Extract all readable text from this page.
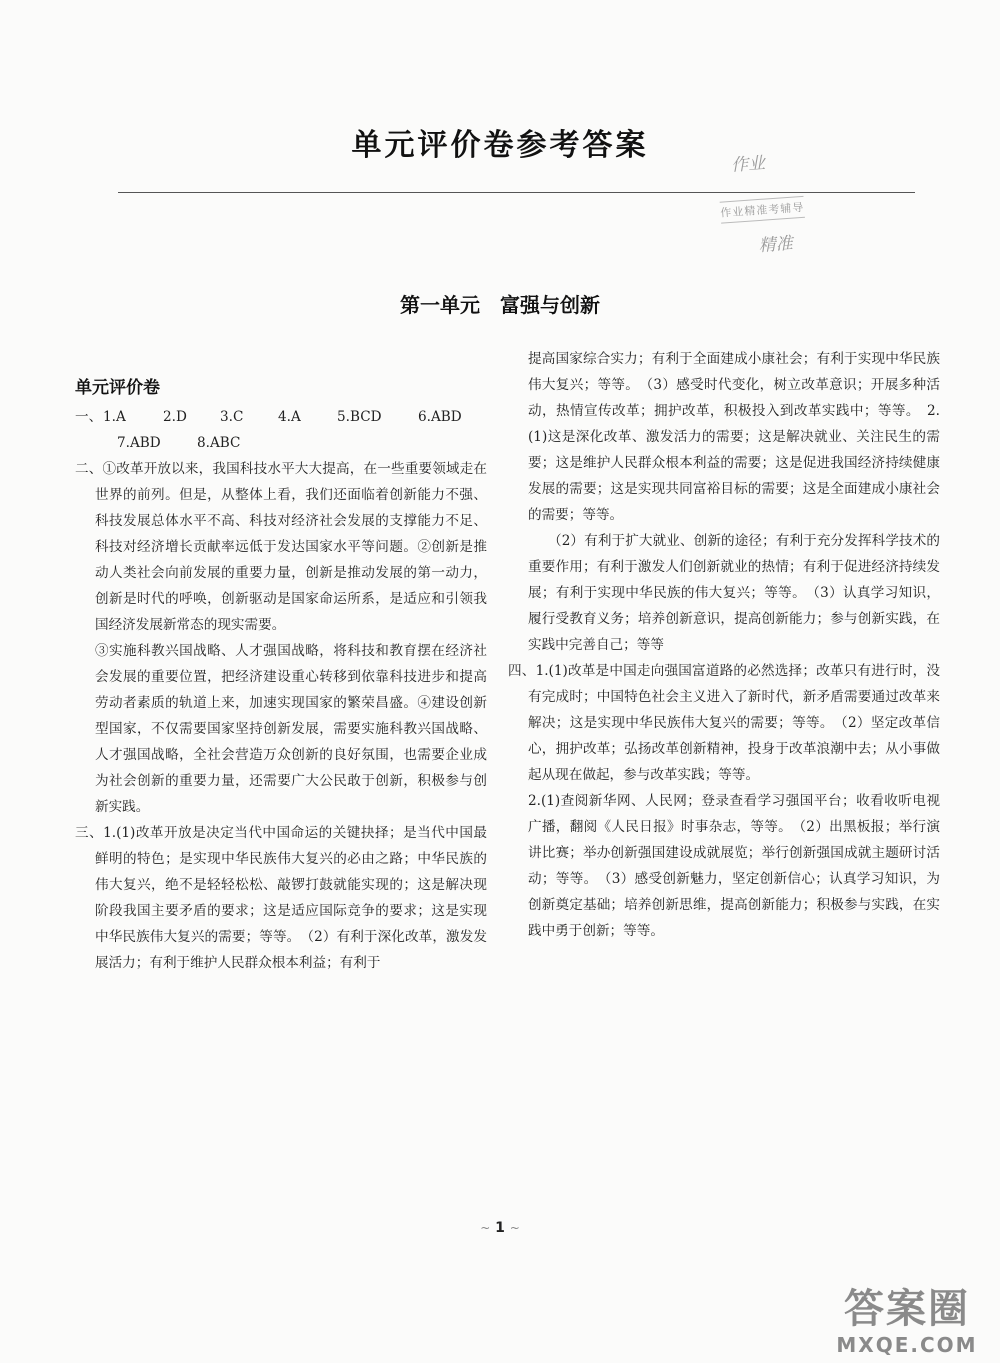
单元评价卷参考答案
作业
作业精准考辅导
精准
第一单元　富强与创新
单元评价卷
一、 1.A	2.D 3.C	4.A	5.BCD	6.ABD
7.ABD	8.ABC

二、①改革开放以来，我国科技水平大大提高，在一些重要领域走在世界的前列。但是，从整体上看，我们还面临着创新能力不强、科技发展总体水平不高、科技对经济社会发展的支撑能力不足、科技对经济增长贡献率远低于发达国家水平等问题。②创新是推动人类社会向前发展的重要力量，创新是推动发展的第一动力，创新是时代的呼唤，创新驱动是国家命运所系，是适应和引领我国经济发展新常态的现实需要。

③实施科教兴国战略、人才强国战略，将科技和教育摆在经济社会发展的重要位置，把经济建设重心转移到依靠科技进步和提高劳动者素质的轨道上来，加速实现国家的繁荣昌盛。④建设创新型国家，不仅需要国家坚持创新发展，需要实施科教兴国战略、人才强国战略，全社会营造万众创新的良好氛围，也需要企业成为社会创新的重要力量，还需要广大公民敢于创新，积极参与创新实践。

三、1.(1)改革开放是决定当代中国命运的关键抉择；是当代中国最鲜明的特色；是实现中华民族伟大复兴的必由之路；中华民族的伟大复兴，绝不是轻轻松松、敲锣打鼓就能实现的；这是解决现阶段我国主要矛盾的要求；这是适应国际竞争的要求；这是实现中华民族伟大复兴的需要；等等。　（2）有利于深化改革，激发发展活力；有利于维护人民群众根本利益；有利于

提高国家综合实力；有利于全面建成小康社会；有利于实现中华民族伟大复兴；等等。　（3）感受时代变化，树立改革意识；开展多种活动，热情宣传改革；拥护改革，积极投入到改革实践中；等等。　2.(1)这是深化改革、激发活力的需要；这是解决就业、关注民生的需要；这是维护人民群众根本利益的需要；这是促进我国经济持续健康发展的需要；这是实现共同富裕目标的需要；这是全面建成小康社会的需要；等等。

（2）有利于扩大就业、创新的途径；有利于充分发挥科学技术的重要作用；有利于激发人们创新就业的热情；有利于促进经济持续发展；有利于实现中华民族的伟大复兴；等等。　（3）认真学习知识，履行受教育义务；培养创新意识，提高创新能力；参与创新实践，在实践中完善自己；等等

四、1.(1)改革是中国走向强国富道路的必然选择；改革只有进行时，没有完成时；中国特色社会主义进入了新时代，新矛盾需要通过改革来解决；这是实现中华民族伟大复兴的需要；等等。　（2）坚定改革信心，拥护改革；弘扬改革创新精神，投身于改革浪潮中去；从小事做起从现在做起，参与改革实践；等等。

2.(1)查阅新华网、人民网；登录查看学习强国平台；收看收听电视广播，翻阅《人民日报》时事杂志，等等。　（2）出黑板报；举行演讲比赛；举办创新强国建设成就展览；举行创新强国成就主题研讨活动；等等。　（3）感受创新魅力，坚定创新信心；认真学习知识，为创新奠定基础；培养创新思维，提高创新能力；积极参与实践，在实践中勇于创新；等等。

~ 1 ~
答案圈
MXQE.COM
